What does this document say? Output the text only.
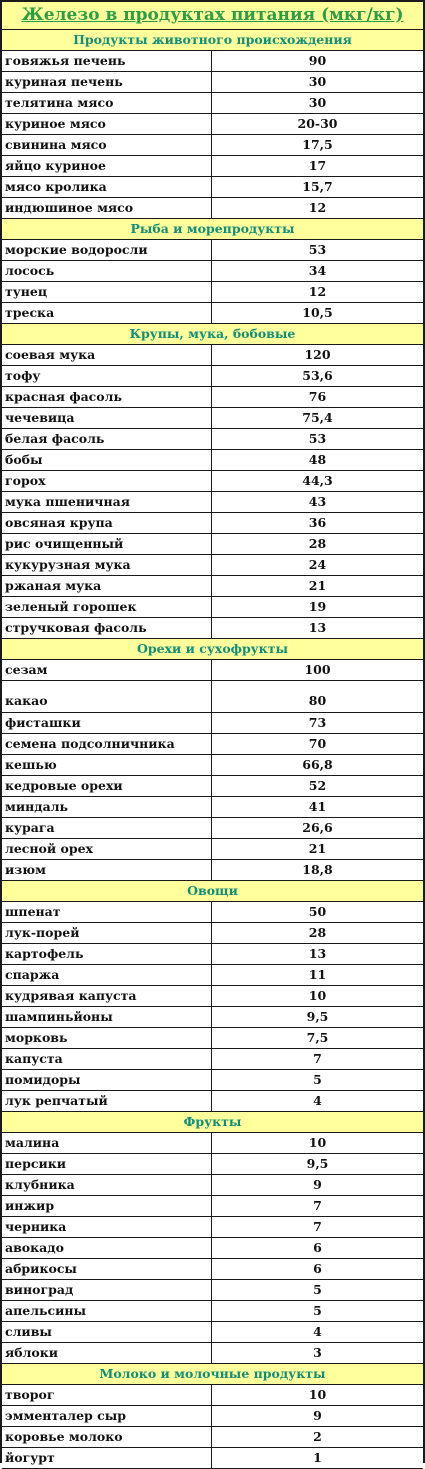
Железо в продуктах питания (мкг/кг)
Продукты животного происхождения
говяжья печень	90
куриная печень	30
телятина мясо	30
куриное мясо	20-30
свинина мясо	17,5
яйцо куриное	17
мясо кролика	15,7
индюшиное мясо	12
Рыба и морепродукты
морские водоросли	53
лосось	34
тунец	12
треска	10,5
Крупы, мука, бобовые
соевая мука	120
тофу	53,6
красная фасоль	76
чечевица	75,4
белая фасоль	53
бобы	48
горох	44,3
мука пшеничная	43
овсяная крупа	36
рис очищенный	28
кукурузная мука	24
ржаная мука	21
зеленый горошек	19
стручковая фасоль	13
Орехи и сухофрукты
сезам	100
какао	80
фисташки	73
семена подсолничника	70
кешью	66,8
кедровые орехи	52
миндаль	41
курага	26,6
лесной орех	21
изюм	18,8
Овощи
шпенат	50
лук-порей	28
картофель	13
спаржа	11
кудрявая капуста	10
шампиньйоны	9,5
морковь	7,5
капуста	7
помидоры	5
лук репчатый	4
Фрукты
малина	10
персики	9,5
клубника	9
инжир	7
черника	7
авокадо	6
абрикосы	6
виноград	5
апельсины	5
сливы	4
яблоки	3
Молоко и молочные продукты
творог	10
эмменталер сыр	9
коровье молоко	2
йогурт	1
